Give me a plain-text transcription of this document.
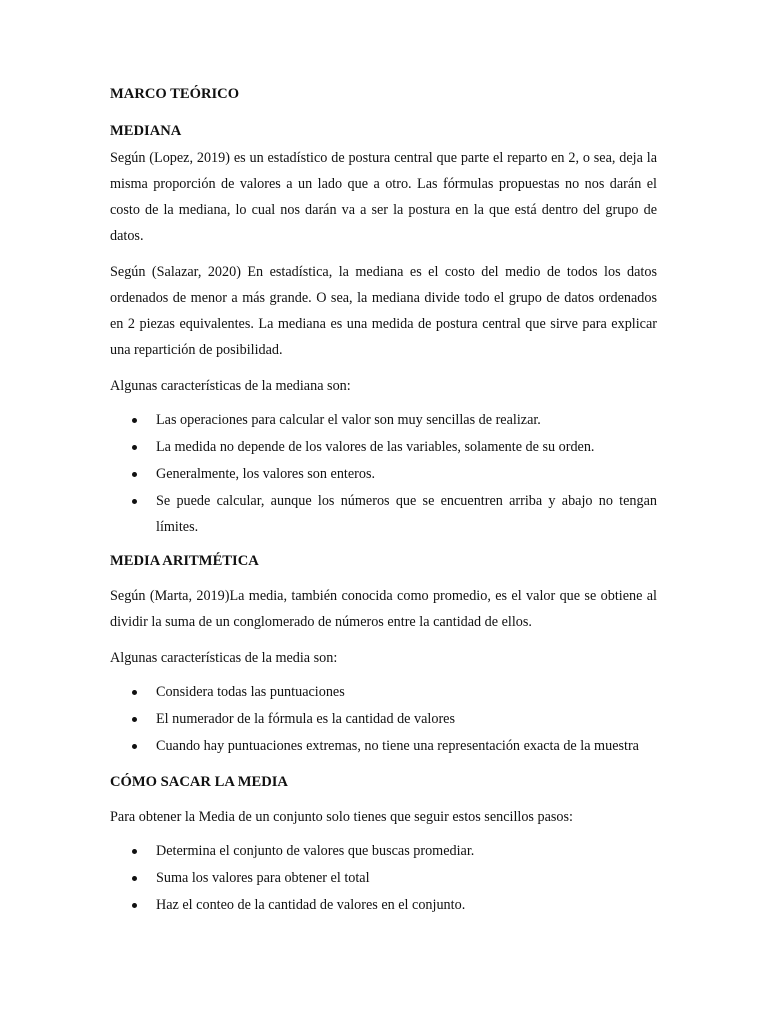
MARCO TEÓRICO
MEDIANA

Según (Lopez, 2019) es un estadístico de postura central que parte el reparto en 2, o sea, deja la misma proporción de valores a un lado que a otro. Las fórmulas propuestas no nos darán el costo de la mediana, lo cual nos darán va a ser la postura en la que está dentro del grupo de datos.

Según (Salazar, 2020) En estadística, la mediana es el costo del medio de todos los datos ordenados de menor a más grande. O sea, la mediana divide todo el grupo de datos ordenados en 2 piezas equivalentes. La mediana es una medida de postura central que sirve para explicar una repartición de posibilidad.

Algunas características de la mediana son:

Las operaciones para calcular el valor son muy sencillas de realizar.
La medida no depende de los valores de las variables, solamente de su orden.
Generalmente, los valores son enteros.
Se puede calcular, aunque los números que se encuentren arriba y abajo no tengan límites.
MEDIA ARITMÉTICA

Según (Marta, 2019)La media, también conocida como promedio, es el valor que se obtiene al dividir la suma de un conglomerado de números entre la cantidad de ellos.

Algunas características de la media son:

Considera todas las puntuaciones
El numerador de la fórmula es la cantidad de valores
Cuando hay puntuaciones extremas, no tiene una representación exacta de la muestra
CÓMO SACAR LA MEDIA

Para obtener la Media de un conjunto solo tienes que seguir estos sencillos pasos:

Determina el conjunto de valores que buscas promediar.
Suma los valores para obtener el total
Haz el conteo de la cantidad de valores en el conjunto.
